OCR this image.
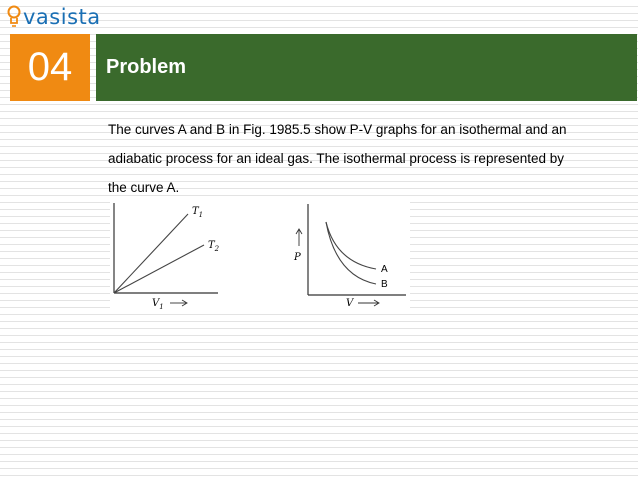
vasista
04	Problem
The curves A and B in Fig. 1985.5 show P-V graphs for an isothermal and an
adiabatic process for an ideal gas. The isothermal process is represented by
the curve A.
$T_1$
$T_2$
$V_1$
A
B
P
V
